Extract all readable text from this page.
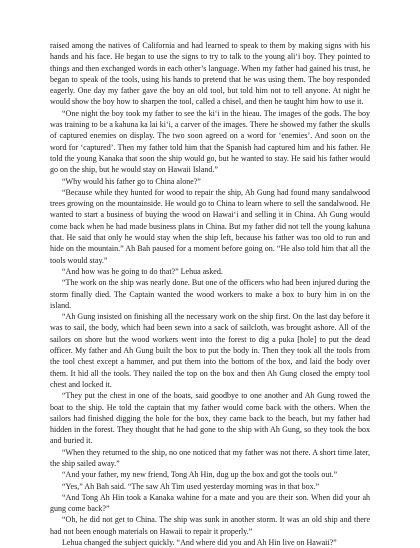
raised among the natives of California and had learned to speak to them by making signs with his hands and his face. He began to use the signs to try to talk to the young ali‘i boy. They pointed to things and then exchanged words in each other’s language. When my father had gained his trust, he began to speak of the tools, using his hands to pretend that he was using them. The boy responded eagerly. One day my father gave the boy an old tool, but told him not to tell anyone. At night he would show the boy how to sharpen the tool, called a chisel, and then he taught him how to use it.

“One night the boy took my father to see the ki‘i in the hieau. The images of the gods. The boy was training to be a kahuna ka lai ki‘i, a carver of the images. There he showed my father the skulls of captured enemies on display. The two soon agreed on a word for ‘enemies’. And soon on the word for ‘captured’. Then my father told him that the Spanish had captured him and his father. He told the young Kanaka that soon the ship would go, but he wanted to stay. He said his father would go on the ship, but he would stay on Hawaii Island.”

“Why would his father go to China alone?”

“Because while they hunted for wood to repair the ship, Ah Gung had found many sandalwood trees growing on the mountainside. He would go to China to learn where to sell the sandalwood. He wanted to start a business of buying the wood on Hawai‘i and selling it in China. Ah Gung would come back when he had made business plans in China. But my father did not tell the young kahuna that. He said that only he would stay when the ship left, because his father was too old to run and hide on the mountain.” Ah Bah paused for a moment before going on. “He also told him that all the tools would stay.”

“And how was he going to do that?” Lehua asked.

“The work on the ship was nearly done. But one of the officers who had been injured during the storm finally died. The Captain wanted the wood workers to make a box to bury him in on the island.

“Ah Gung insisted on finishing all the necessary work on the ship first. On the last day before it was to sail, the body, which had been sewn into a sack of sailcloth, was brought ashore. All of the sailors on shore but the wood workers went into the forest to dig a puka [hole] to put the dead officer. My father and Ah Gung built the box to put the body in. Then they took all the tools from the tool chest except a hammer, and put them into the bottom of the box, and laid the body over them. It hid all the tools. They nailed the top on the box and then Ah Gung closed the empty tool chest and locked it.

“They put the chest in one of the boats, said goodbye to one another and Ah Gung rowed the boat to the ship. He told the captain that my father would come back with the others. When the sailors had finished digging the hole for the box, they came back to the beach, but my father had hidden in the forest. They thought that he had gone to the ship with Ah Gung, so they took the box and buried it.

“When they returned to the ship, no one noticed that my father was not there. A short time later, the ship sailed away.”

“And your father, my new friend, Tong Ah Hin, dug up the box and got the tools out.”

“Yes,” Ah Bah said. “The saw Ah Tim used yesterday morning was in that box.”

“And Tong Ah Hin took a Kanaka wahine for a mate and you are their son. When did your ah gung come back?”

“Oh, he did not get to China. The ship was sunk in another storm. It was an old ship and there had not been enough materials on Hawaii to repair it properly.”

Lehua changed the subject quickly. “And where did you and Ah Hin live on Hawaii?”
